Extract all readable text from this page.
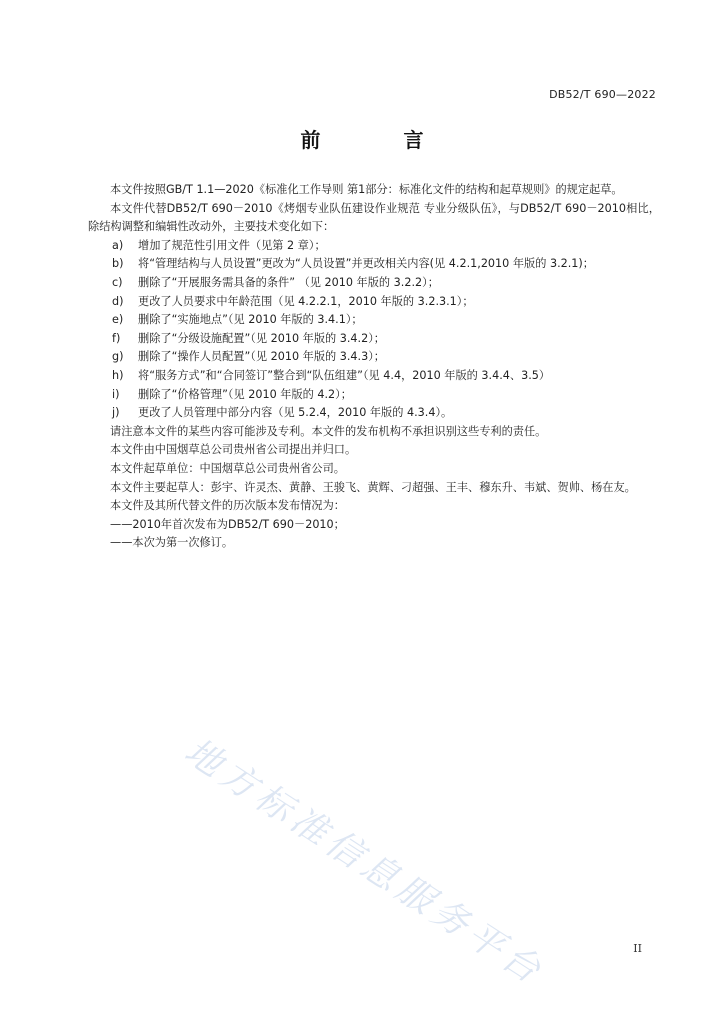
DB52/T 690—2022
前 言

本文件按照GB/T 1.1—2020《标准化工作导则 第1部分：标准化文件的结构和起草规则》的规定起草。

本文件代替DB52/T 690－2010《烤烟专业队伍建设作业规范 专业分级队伍》，与DB52/T 690－2010相比，除结构调整和编辑性改动外，主要技术变化如下：

a)	增加了规范性引用文件（见第 2 章）；

b)	将“管理结构与人员设置”更改为“人员设置”并更改相关内容(见 4.2.1,2010 年版的 3.2.1)；

c)	删除了“开展服务需具备的条件” （见 2010 年版的 3.2.2）；

d)	更改了人员要求中年龄范围（见 4.2.2.1，2010 年版的 3.2.3.1）；

e)	删除了“实施地点”（见 2010 年版的 3.4.1）；

f)	删除了“分级设施配置”（见 2010 年版的 3.4.2）；

g)	删除了“操作人员配置”（见 2010 年版的 3.4.3）；

h)	将“服务方式”和“合同签订”整合到“队伍组建”（见 4.4，2010 年版的 3.4.4、3.5）

i)	删除了“价格管理”（见 2010 年版的 4.2）；

j)	更改了人员管理中部分内容（见 5.2.4，2010 年版的 4.3.4）。

请注意本文件的某些内容可能涉及专利。本文件的发布机构不承担识别这些专利的责任。

本文件由中国烟草总公司贵州省公司提出并归口。

本文件起草单位：中国烟草总公司贵州省公司。

本文件主要起草人：彭宇、许灵杰、黄静、王骏飞、黄辉、刁超强、王丰、穆东升、韦斌、贺帅、杨在友。

本文件及其所代替文件的历次版本发布情况为：

——2010年首次发布为DB52/T 690－2010；

——本次为第一次修订。

地方标准信息服务平台	II
